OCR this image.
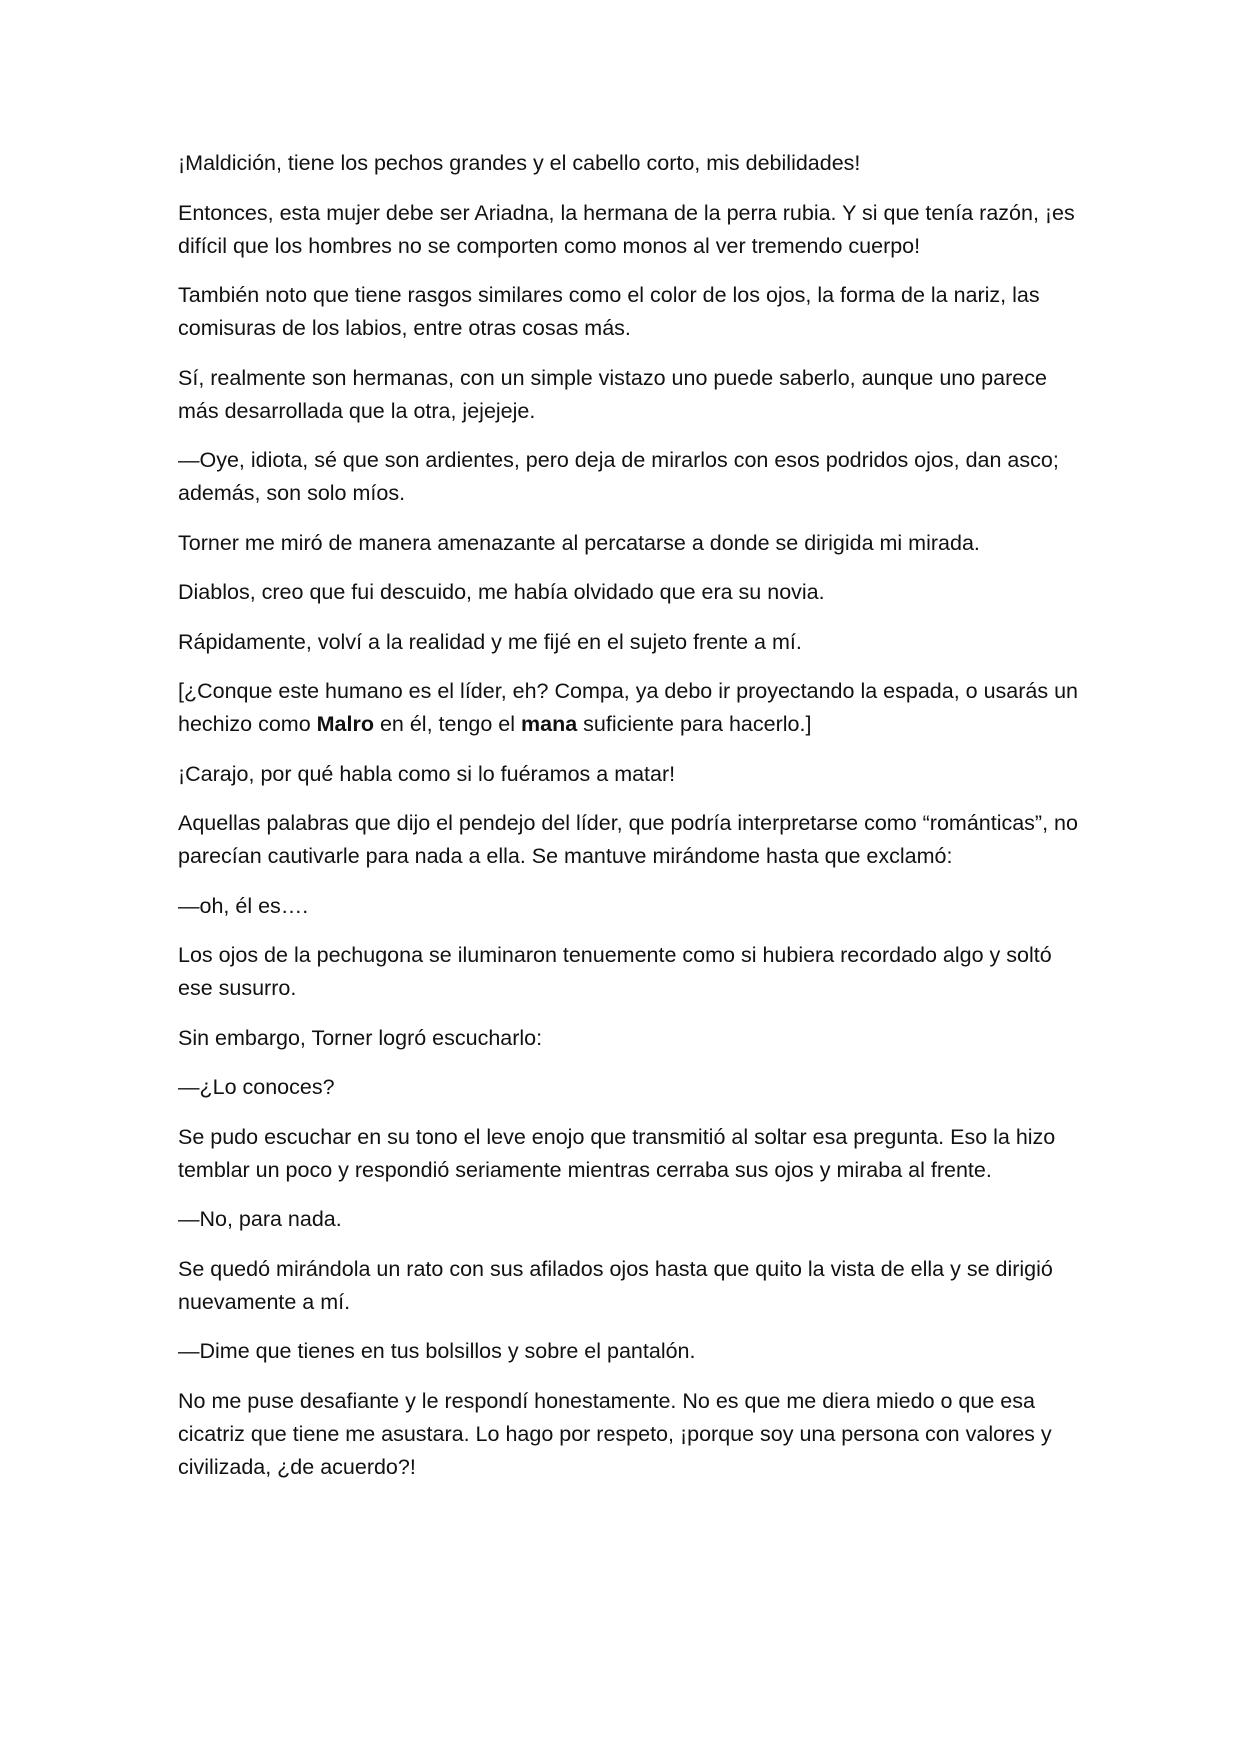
¡Maldición, tiene los pechos grandes y el cabello corto, mis debilidades!

Entonces, esta mujer debe ser Ariadna, la hermana de la perra rubia. Y si que tenía razón, ¡es difícil que los hombres no se comporten como monos al ver tremendo cuerpo!

También noto que tiene rasgos similares como el color de los ojos, la forma de la nariz, las comisuras de los labios, entre otras cosas más.

Sí, realmente son hermanas, con un simple vistazo uno puede saberlo, aunque uno parece más desarrollada que la otra, jejejeje.

—Oye, idiota, sé que son ardientes, pero deja de mirarlos con esos podridos ojos, dan asco; además, son solo míos.

Torner me miró de manera amenazante al percatarse a donde se dirigida mi mirada.

Diablos, creo que fui descuido, me había olvidado que era su novia.

Rápidamente, volví a la realidad y me fijé en el sujeto frente a mí.

[¿Conque este humano es el líder, eh? Compa, ya debo ir proyectando la espada, o usarás un hechizo como Malro en él, tengo el mana suficiente para hacerlo.]

¡Carajo, por qué habla como si lo fuéramos a matar!

Aquellas palabras que dijo el pendejo del líder, que podría interpretarse como “románticas”, no parecían cautivarle para nada a ella. Se mantuve mirándome hasta que exclamó:

—oh, él es….

Los ojos de la pechugona se iluminaron tenuemente como si hubiera recordado algo y soltó ese susurro.

Sin embargo, Torner logró escucharlo:

—¿Lo conoces?

Se pudo escuchar en su tono el leve enojo que transmitió al soltar esa pregunta. Eso la hizo temblar un poco y respondió seriamente mientras cerraba sus ojos y miraba al frente.

—No, para nada.

Se quedó mirándola un rato con sus afilados ojos hasta que quito la vista de ella y se dirigió nuevamente a mí.

—Dime que tienes en tus bolsillos y sobre el pantalón.

No me puse desafiante y le respondí honestamente. No es que me diera miedo o que esa cicatriz que tiene me asustara. Lo hago por respeto, ¡porque soy una persona con valores y civilizada, ¿de acuerdo?!
